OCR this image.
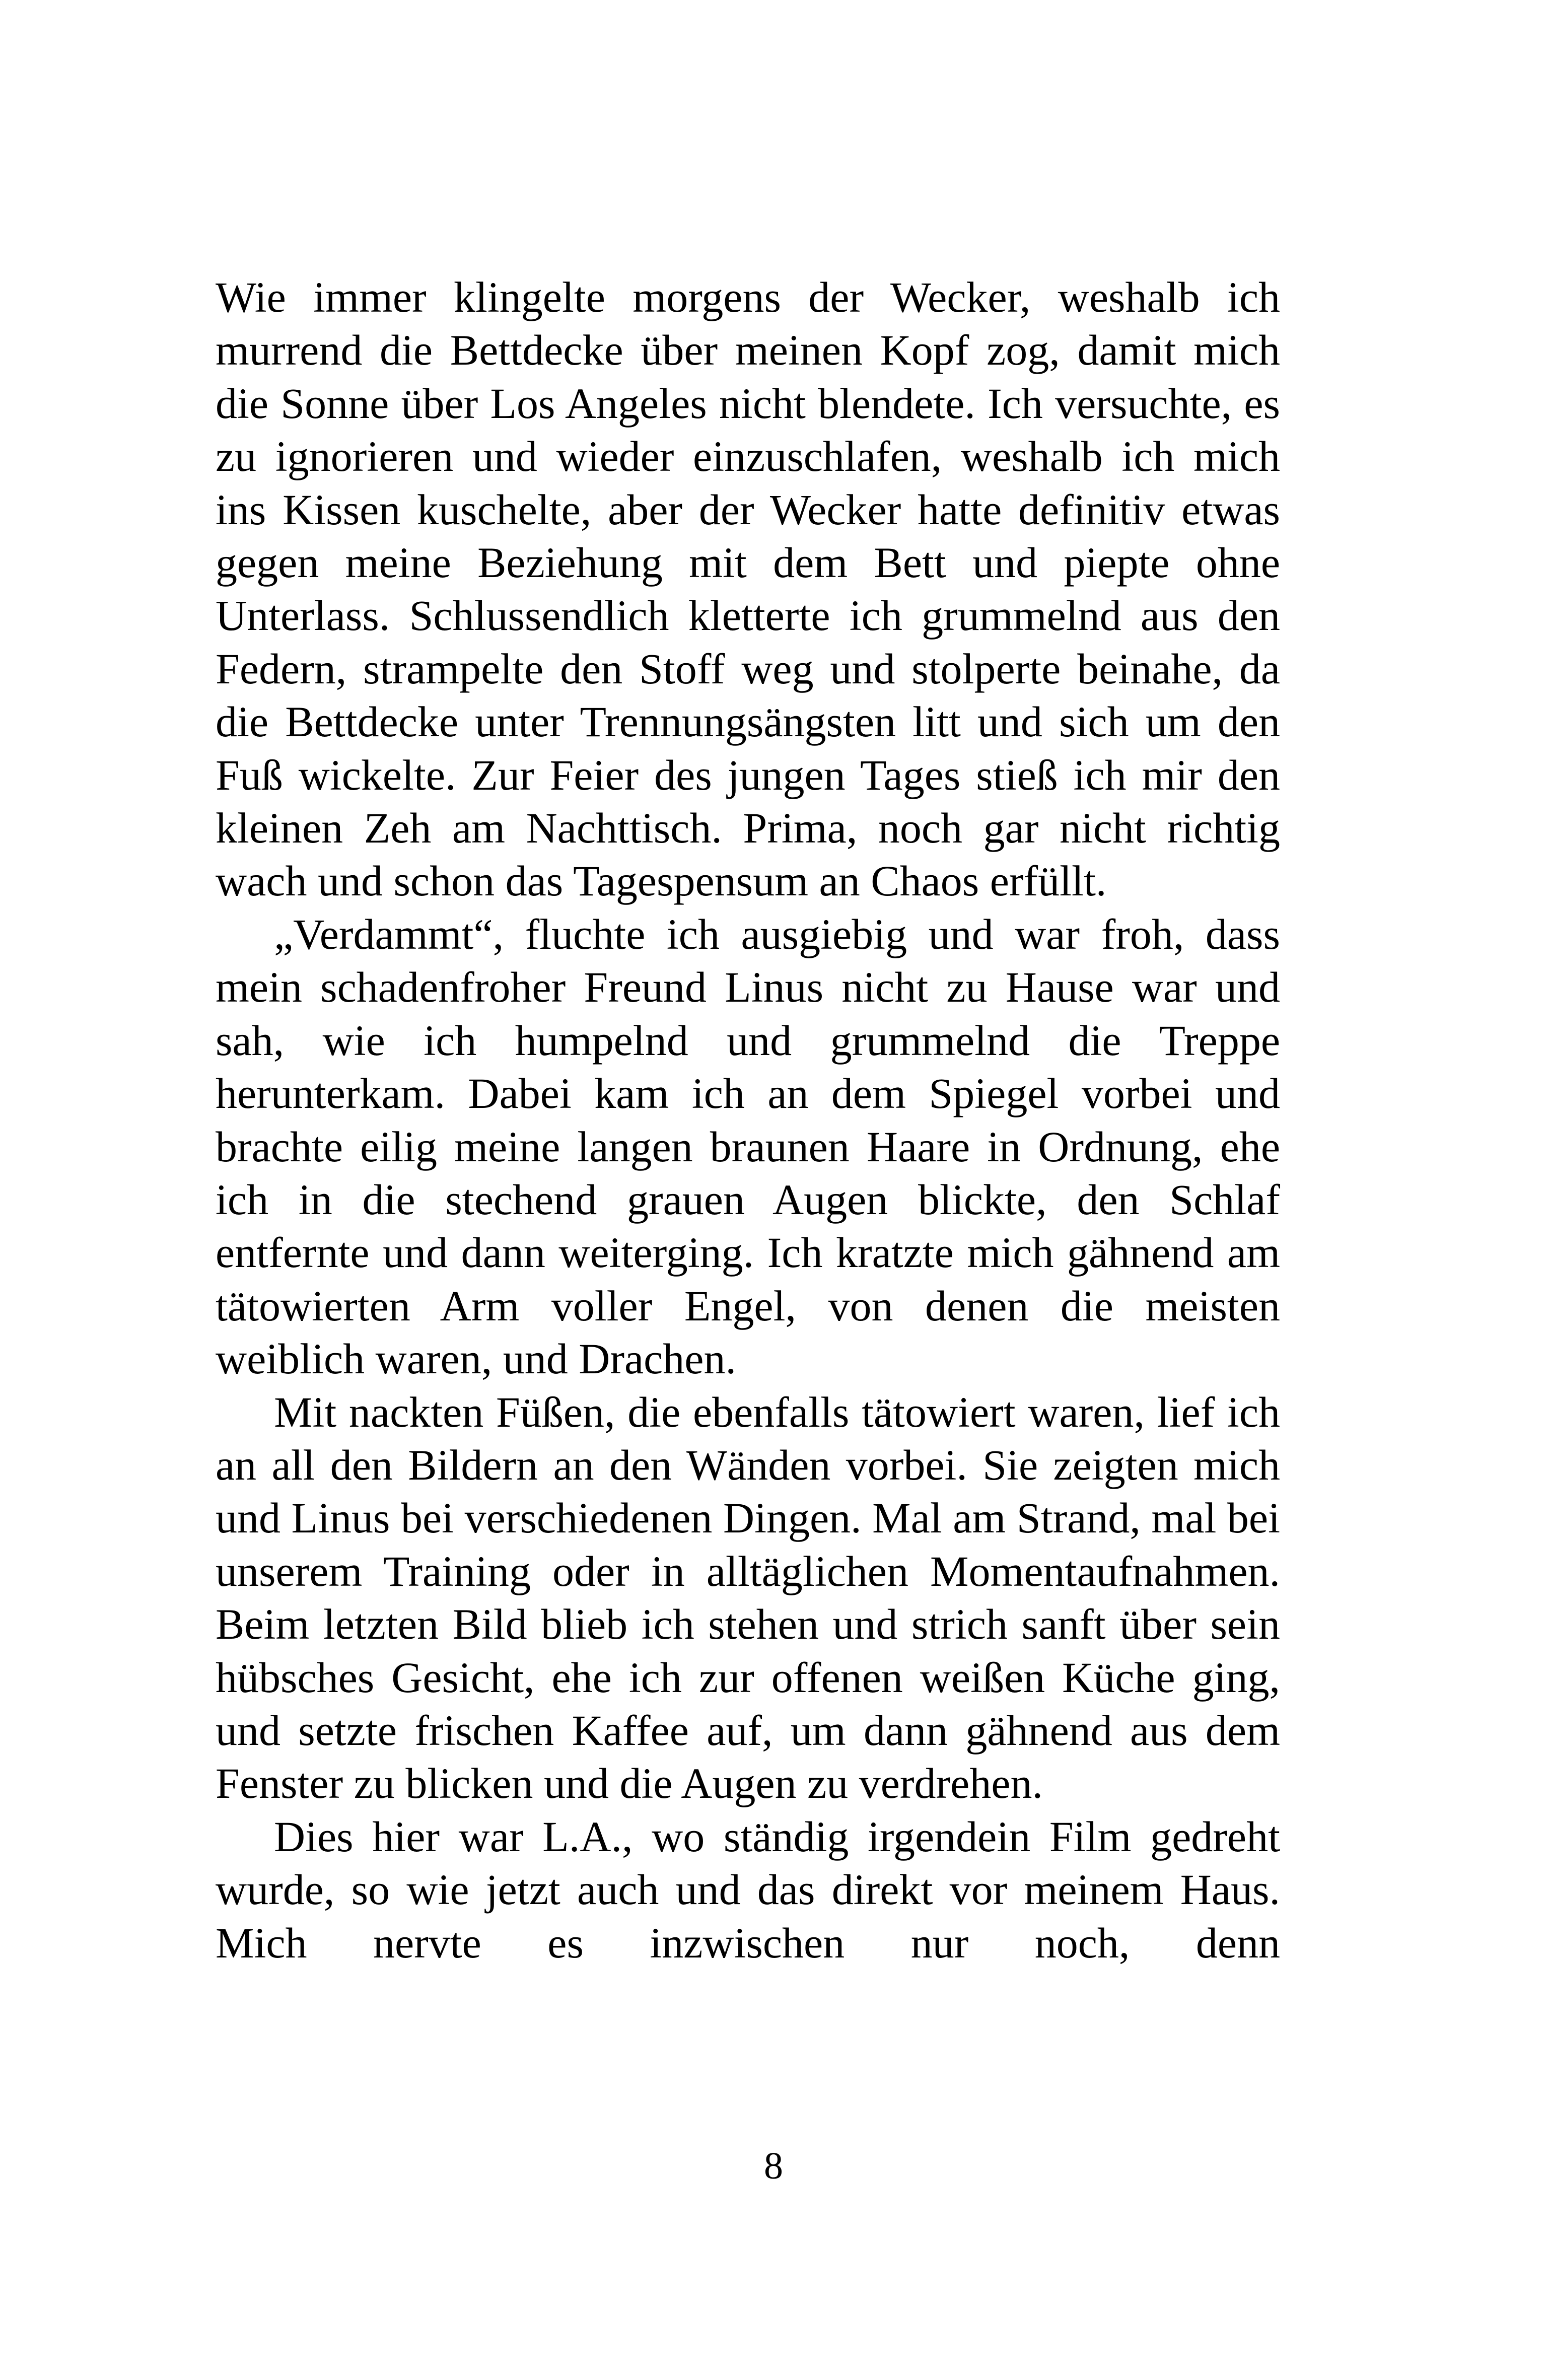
Wie immer klingelte morgens der Wecker, weshalb ich murrend die Bettdecke über meinen Kopf zog, damit mich die Sonne über Los Angeles nicht blendete. Ich versuchte, es zu ignorieren und wieder einzuschlafen, weshalb ich mich ins Kissen kuschelte, aber der Wecker hatte definitiv etwas gegen meine Beziehung mit dem Bett und piepte ohne Unterlass. Schlussendlich kletterte ich grummelnd aus den Federn, strampelte den Stoff weg und stolperte beinahe, da die Bettdecke unter Trennungsängsten litt und sich um den Fuß wickelte. Zur Feier des jungen Tages stieß ich mir den kleinen Zeh am Nachttisch. Prima, noch gar nicht richtig wach und schon das Tagespensum an Chaos erfüllt.

„Verdammt“, fluchte ich ausgiebig und war froh, dass mein schadenfroher Freund Linus nicht zu Hause war und sah, wie ich humpelnd und grummelnd die Treppe herunterkam. Dabei kam ich an dem Spiegel vorbei und brachte eilig meine langen braunen Haare in Ordnung, ehe ich in die stechend grauen Augen blickte, den Schlaf entfernte und dann weiterging. Ich kratzte mich gähnend am tätowierten Arm voller Engel, von denen die meisten weiblich waren, und Drachen.

Mit nackten Füßen, die ebenfalls tätowiert waren, lief ich an all den Bildern an den Wänden vorbei. Sie zeigten mich und Linus bei verschiedenen Dingen. Mal am Strand, mal bei unserem Training oder in alltäglichen Momentaufnahmen. Beim letzten Bild blieb ich stehen und strich sanft über sein hübsches Gesicht, ehe ich zur offenen weißen Küche ging, und setzte frischen Kaffee auf, um dann gähnend aus dem Fenster zu blicken und die Augen zu verdrehen.

Dies hier war L.A., wo ständig irgendein Film gedreht wurde, so wie jetzt auch und das direkt vor meinem Haus. Mich nervte es inzwischen nur noch, denn

8
